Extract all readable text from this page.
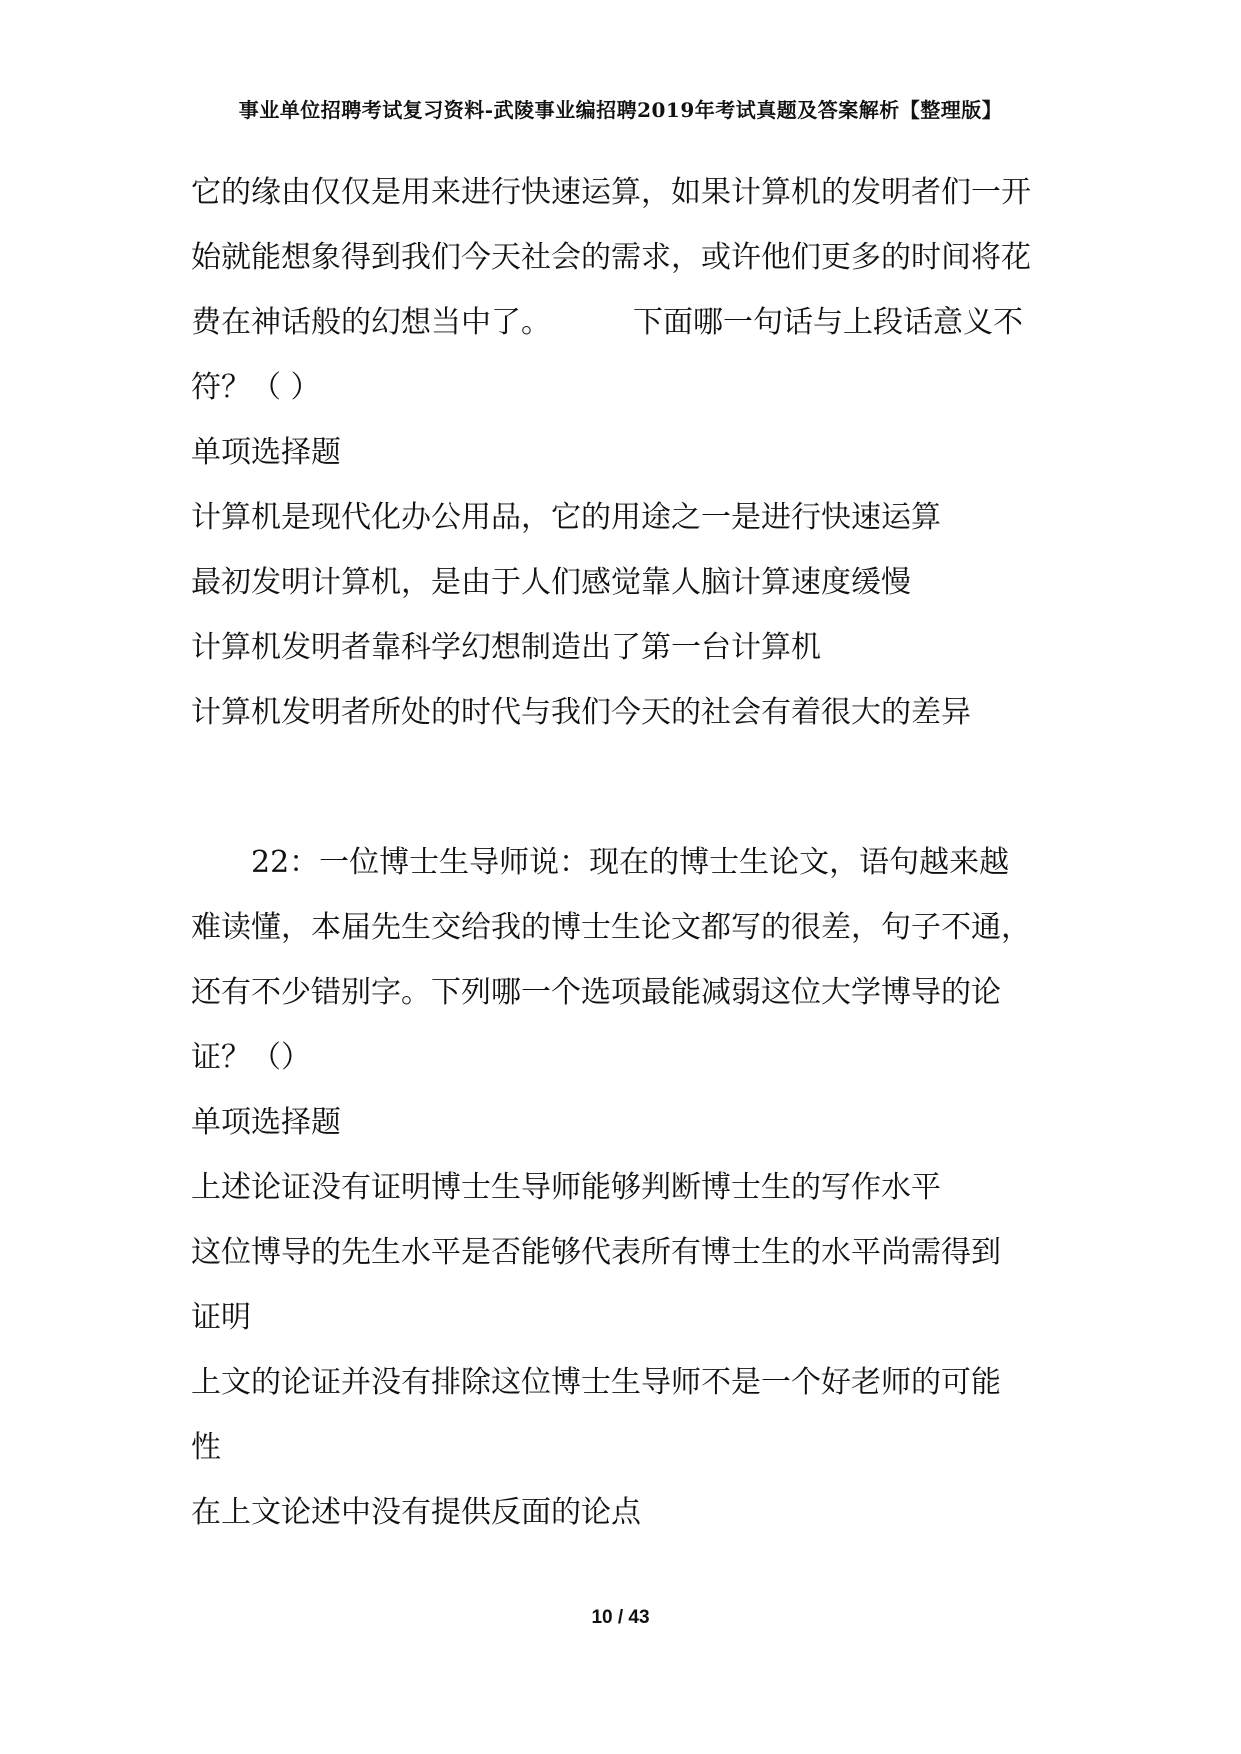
事业单位招聘考试复习资料-武陵事业编招聘2019年考试真题及答案解析【整理版】
它的缘由仅仅是用来进行快速运算，如果计算机的发明者们一开
始就能想象得到我们今天社会的需求，或许他们更多的时间将花
费在神话般的幻想当中了。	下面哪一句话与上段话意义不
符？（ ）
单项选择题
计算机是现代化办公用品，它的用途之一是进行快速运算
最初发明计算机，是由于人们感觉靠人脑计算速度缓慢
计算机发明者靠科学幻想制造出了第一台计算机
计算机发明者所处的时代与我们今天的社会有着很大的差异
22：一位博士生导师说：现在的博士生论文，语句越来越
难读懂，本届先生交给我的博士生论文都写的很差，句子不通，
还有不少错别字。下列哪一个选项最能减弱这位大学博导的论
证？（）
单项选择题
上述论证没有证明博士生导师能够判断博士生的写作水平
这位博导的先生水平是否能够代表所有博士生的水平尚需得到
证明
上文的论证并没有排除这位博士生导师不是一个好老师的可能
性
在上文论述中没有提供反面的论点
10 / 43
